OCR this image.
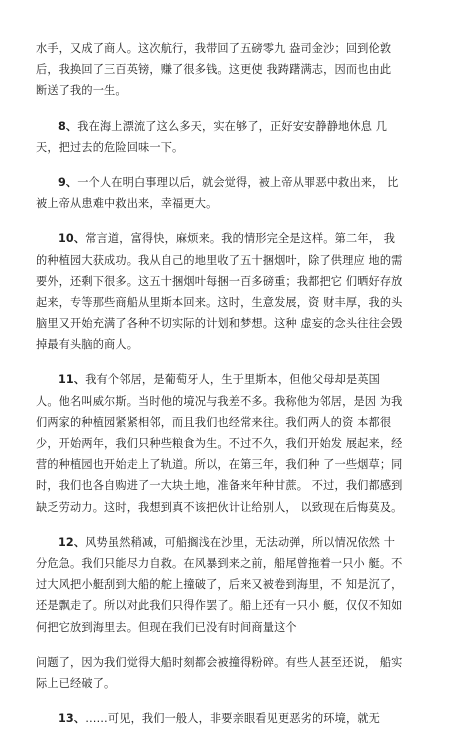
水手，又成了商人。这次航行，我带回了五磅零九 盎司金沙；回到伦敦
后，我换回了三百英镑，赚了很多钱。这更使 我踌躇满志，因而也由此
断送了我的一生。
8、我在海上漂流了这么多天，实在够了，正好安安静静地休息 几
天，把过去的危险回味一下。
9、一个人在明白事理以后，就会觉得，被上帝从罪恶中救出来， 比
被上帝从患难中救出来，幸福更大。
10、常言道，富得快，麻烦来。我的情形完全是这样。第二年， 我
的种植园大获成功。我从自己的地里收了五十捆烟叶，除了供理应 地的需
要外，还剩下很多。这五十捆烟叶每捆一百多磅重；我都把它 们晒好存放
起来，专等那些商船从里斯本回来。这时，生意发展，资 财丰厚，我的头
脑里又开始充满了各种不切实际的计划和梦想。这种 虚妄的念头往往会毁
掉最有头脑的商人。
11、我有个邻居，是葡萄牙人，生于里斯本，但他父母却是英国
人。他名叫威尔斯。当时他的境况与我差不多。我称他为邻居，是因 为我
们两家的种植园紧紧相邻，而且我们也经常来往。我们两人的资 本都很
少，开始两年，我们只种些粮食为生。不过不久，我们开始发 展起来，经
营的种植园也开始走上了轨道。所以，在第三年，我们种 了一些烟草；同
时，我们也各自购进了一大块土地，准备来年种甘蔗。 不过，我们都感到
缺乏劳动力。这时，我想到真不该把伙计让给别人， 以致现在后悔莫及。
12、风势虽然稍减，可船搁浅在沙里，无法动弹，所以情况依然 十
分危急。我们只能尽力自救。在风暴到来之前，船尾曾拖着一只小 艇。不
过大风把小艇刮到大船的舵上撞破了，后来又被卷到海里，不 知是沉了，
还是飘走了。所以对此我们只得作罢了。船上还有一只小 艇，仅仅不知如
何把它放到海里去。但现在我们已没有时间商量这个
问题了，因为我们觉得大船时刻都会被撞得粉碎。有些人甚至还说， 船实
际上已经破了。
13、……可见，我们一般人，非要亲眼看见更恶劣的环境，就无
